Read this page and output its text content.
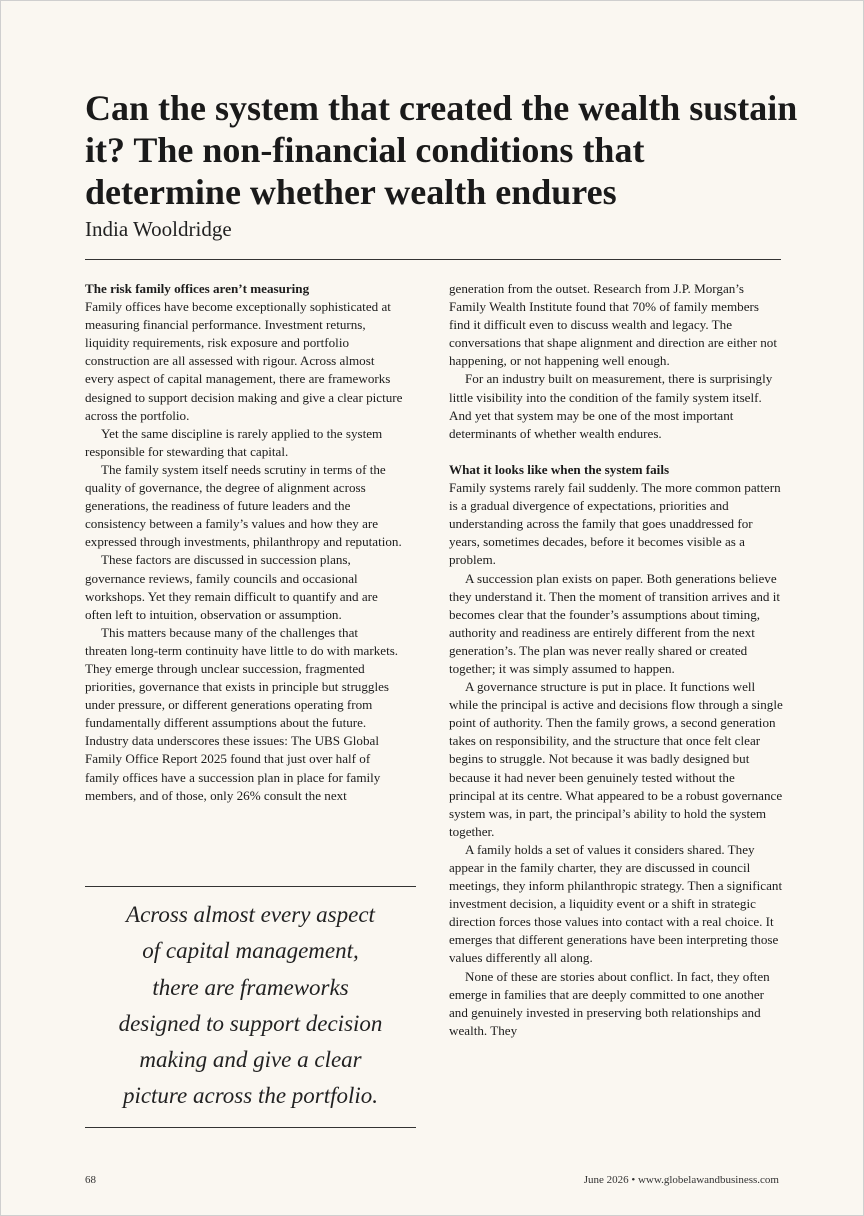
Can the system that created the wealth sustain it? The non-financial conditions that determine whether wealth endures
India Wooldridge
The risk family offices aren’t measuring

Family offices have become exceptionally sophisticated at measuring financial performance. Investment returns, liquidity requirements, risk exposure and portfolio construction are all assessed with rigour. Across almost every aspect of capital management, there are frameworks designed to support decision making and give a clear picture across the portfolio.

Yet the same discipline is rarely applied to the system responsible for stewarding that capital.

The family system itself needs scrutiny in terms of the quality of governance, the degree of alignment across generations, the readiness of future leaders and the consistency between a family’s values and how they are expressed through investments, philanthropy and reputation.

These factors are discussed in succession plans, governance reviews, family councils and occasional workshops. Yet they remain difficult to quantify and are often left to intuition, observation or assumption.

This matters because many of the challenges that threaten long-term continuity have little to do with markets. They emerge through unclear succession, fragmented priorities, governance that exists in principle but struggles under pressure, or different generations operating from fundamentally different assumptions about the future. Industry data underscores these issues: The UBS Global Family Office Report 2025 found that just over half of family offices have a succession plan in place for family members, and of those, only 26% consult the next

Across almost every aspect
of capital management,
there are frameworks
designed to support decision
making and give a clear
picture across the portfolio.

generation from the outset. Research from J.P. Morgan’s Family Wealth Institute found that 70% of family members find it difficult even to discuss wealth and legacy. The conversations that shape alignment and direction are either not happening, or not happening well enough.

For an industry built on measurement, there is surprisingly little visibility into the condition of the family system itself. And yet that system may be one of the most important determinants of whether wealth endures.

What it looks like when the system fails

Family systems rarely fail suddenly. The more common pattern is a gradual divergence of expectations, priorities and understanding across the family that goes unaddressed for years, sometimes decades, before it becomes visible as a problem.

A succession plan exists on paper. Both generations believe they understand it. Then the moment of transition arrives and it becomes clear that the founder’s assumptions about timing, authority and readiness are entirely different from the next generation’s. The plan was never really shared or created together; it was simply assumed to happen.

A governance structure is put in place. It functions well while the principal is active and decisions flow through a single point of authority. Then the family grows, a second generation takes on responsibility, and the structure that once felt clear begins to struggle. Not because it was badly designed but because it had never been genuinely tested without the principal at its centre. What appeared to be a robust governance system was, in part, the principal’s ability to hold the system together.

A family holds a set of values it considers shared. They appear in the family charter, they are discussed in council meetings, they inform philanthropic strategy. Then a significant investment decision, a liquidity event or a shift in strategic direction forces those values into contact with a real choice. It emerges that different generations have been interpreting those values differently all along.

None of these are stories about conflict. In fact, they often emerge in families that are deeply committed to one another and genuinely invested in preserving both relationships and wealth. They

68	June 2026 • www.globelawandbusiness.com
